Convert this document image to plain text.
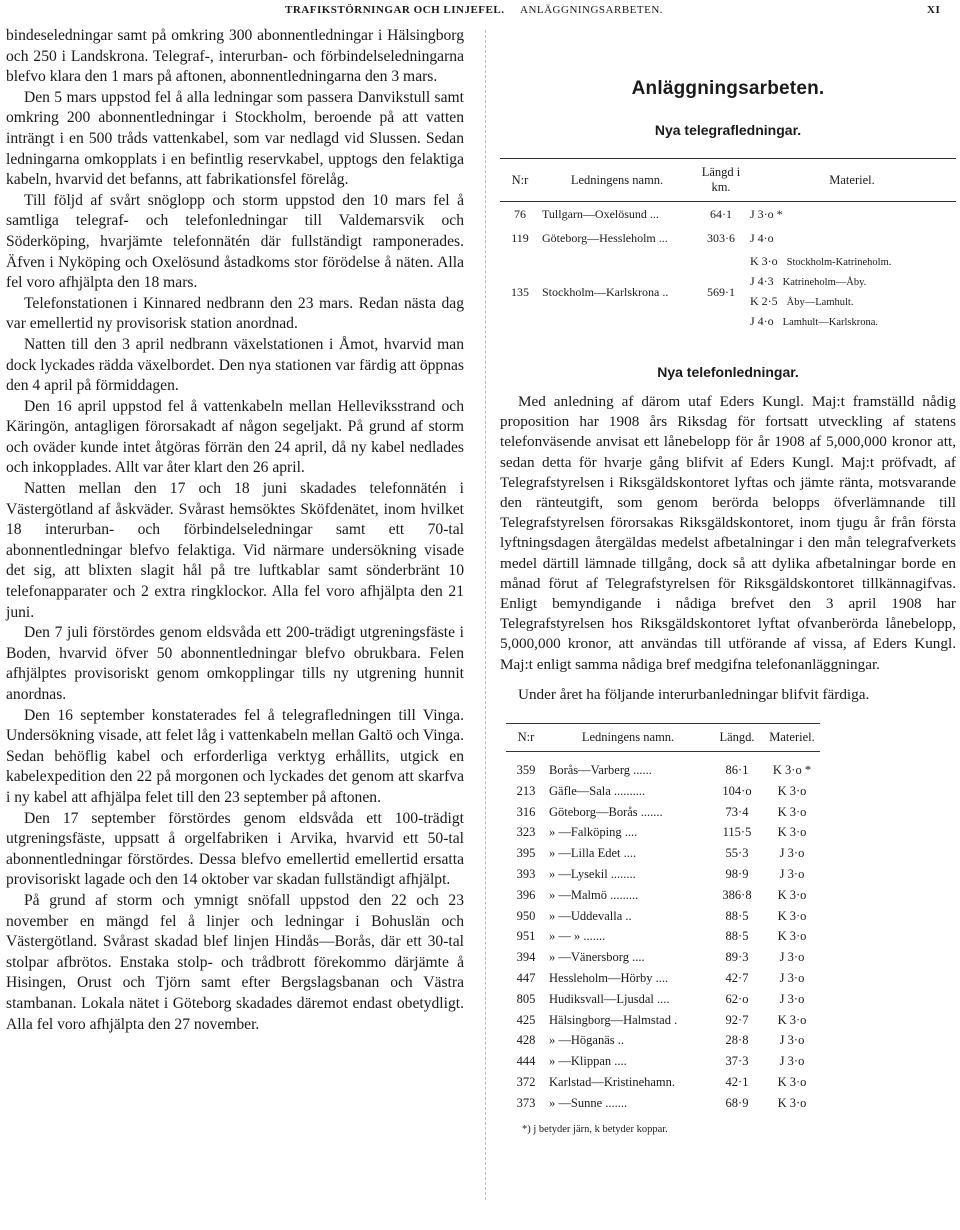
TRAFIKSTÖRNINGAR OCH LINJEFEL. ANLÄGGNINGSARBETEN.	XI

bindeseledningar samt på omkring 300 abonnentledningar i Hälsingborg och 250 i Landskrona. Telegraf-, interurban- och förbindelseledningarna blefvo klara den 1 mars på aftonen, abonnentledningarna den 3 mars.

Den 5 mars uppstod fel å alla ledningar som passera Danvikstull samt omkring 200 abonnentledningar i Stockholm, beroende på att vatten inträngt i en 500 tråds vattenkabel, som var nedlagd vid Slussen. Sedan ledningarna omkopplats i en befintlig reservkabel, upptogs den felaktiga kabeln, hvarvid det befanns, att fabrikationsfel förelåg.

Till följd af svårt snöglopp och storm uppstod den 10 mars fel å samtliga telegraf- och telefonledningar till Valdemarsvik och Söderköping, hvarjämte telefonnätén där fullständigt ramponerades. Äfven i Nyköping och Oxelösund åstadkoms stor förödelse å näten. Alla fel voro afhjälpta den 18 mars.

Telefonstationen i Kinnared nedbrann den 23 mars. Redan nästa dag var emellertid ny provisorisk station anordnad.

Natten till den 3 april nedbrann växelstationen i Åmot, hvarvid man dock lyckades rädda växelbordet. Den nya stationen var färdig att öppnas den 4 april på förmiddagen.

Den 16 april uppstod fel å vattenkabeln mellan Helleviksstrand och Käringön, antagligen förorsakadt af någon segeljakt. På grund af storm och oväder kunde intet åtgöras förrän den 24 april, då ny kabel nedlades och inkopplades. Allt var åter klart den 26 april.

Natten mellan den 17 och 18 juni skadades telefonnätén i Västergötland af åskväder. Svårast hemsöktes Sköfdenätet, inom hvilket 18 interurban- och förbindelseledningar samt ett 70-tal abonnentledningar blefvo felaktiga. Vid närmare undersökning visade det sig, att blixten slagit hål på tre luftkablar samt sönderbränt 10 telefonapparater och 2 extra ringklockor. Alla fel voro afhjälpta den 21 juni.

Den 7 juli förstördes genom eldsvåda ett 200-trädigt utgreningsfäste i Boden, hvarvid öfver 50 abonnentledningar blefvo obrukbara. Felen afhjälptes provisoriskt genom omkopplingar tills ny utgrening hunnit anordnas.

Den 16 september konstaterades fel å telegrafledningen till Vinga. Undersökning visade, att felet låg i vattenkabeln mellan Galtö och Vinga. Sedan behöflig kabel och erforderliga verktyg erhållits, utgick en kabelexpedition den 22 på morgonen och lyckades det genom att skarfva i ny kabel att afhjälpa felet till den 23 september på aftonen.

Den 17 september förstördes genom eldsvåda ett 100-trädigt utgreningsfäste, uppsatt å orgelfabriken i Arvika, hvarvid ett 50-tal abonnentledningar förstördes. Dessa blefvo emellertid emellertid ersatta provisoriskt lagade och den 14 oktober var skadan fullständigt afhjälpt.

På grund af storm och ymnigt snöfall uppstod den 22 och 23 november en mängd fel å linjer och ledningar i Bohuslän och Västergötland. Svårast skadad blef linjen Hindås—Borås, där ett 30-tal stolpar afbrötos. Enstaka stolp- och trådbrott förekommo därjämte å Hisingen, Orust och Tjörn samt efter Bergslagsbanan och Västra stambanan. Lokala nätet i Göteborg skadades däremot endast obetydligt. Alla fel voro afhjälpta den 27 november.

Anläggningsarbeten.
Nya telegrafledningar.
N:r	Ledningens namn.	Längd i km.	Materiel.
76	Tullgarn—Oxelösund ...	64·1	J 3·o *
119	Göteborg—Hessleholm ...	303·6	J 4·o
135	Stockholm—Karlskrona ..	569·1	K 3·o Stockholm-Katrineholm.
J 4·3 Katrineholm—Åby.
K 2·5 Åby—Lamhult.
J 4·o Lamhult—Karlskrona.
Nya telefonledningar.

Med anledning af därom utaf Eders Kungl. Maj:t framställd nådig proposition har 1908 års Riksdag för fortsatt utveckling af statens telefonväsende anvisat ett lånebelopp för år 1908 af 5,000,000 kronor att, sedan detta för hvarje gång blifvit af Eders Kungl. Maj:t pröfvadt, af Telegrafstyrelsen i Riksgäldskontoret lyftas och jämte ränta, motsvarande den ränteutgift, som genom berörda belopps öfverlämnande till Telegrafstyrelsen förorsakas Riksgäldskontoret, inom tjugu år från första lyftningsdagen återgäldas medelst afbetalningar i den mån telegrafverkets medel därtill lämnade tillgång, dock så att dylika afbetalningar borde en månad förut af Telegrafstyrelsen för Riksgäldskontoret tillkännagifvas. Enligt bemyndigande i nådiga brefvet den 3 april 1908 har Telegrafstyrelsen hos Riksgäldskontoret lyftat ofvanberörda lånebelopp, 5,000,000 kronor, att användas till utförande af vissa, af Eders Kungl. Maj:t enligt samma nådiga bref medgifna telefonanläggningar.

Under året ha följande interurbanledningar blifvit färdiga.

N:r	Ledningens namn.	Längd.	Materiel.
359	Borås—Varberg ......	86·1	K 3·o *
213	Gäfle—Sala ..........	104·o	K 3·o
316	Göteborg—Borås .......	73·4	K 3·o
323	» —Falköping ....	115·5	K 3·o
395	» —Lilla Edet ....	55·3	J 3·o
393	» —Lysekil ........	98·9	J 3·o
396	» —Malmö .........	386·8	K 3·o
950	» —Uddevalla ..	88·5	K 3·o
951	» — » .......	88·5	K 3·o
394	» —Vänersborg ....	89·3	J 3·o
447	Hessleholm—Hörby ....	42·7	J 3·o
805	Hudiksvall—Ljusdal ....	62·o	J 3·o
425	Hälsingborg—Halmstad .	92·7	K 3·o
428	» —Höganäs ..	28·8	J 3·o
444	» —Klippan ....	37·3	J 3·o
372	Karlstad—Kristinehamn.	42·1	K 3·o
373	» —Sunne .......	68·9	K 3·o
*) j betyder järn, k betyder koppar.
